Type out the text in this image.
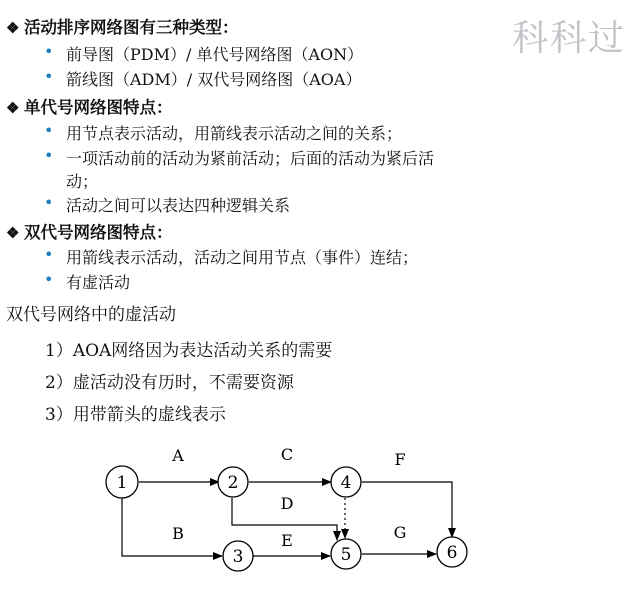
科科过
❖ 活动排序网络图有三种类型：
• 前导图（PDM）/ 单代号网络图（AON）
• 箭线图（ADM）/ 双代号网络图（AOA）
❖ 单代号网络图特点：
• 用节点表示活动，用箭线表示活动之间的关系；
• 一项活动前的活动为紧前活动；后面的活动为紧后活
动；
• 活动之间可以表达四种逻辑关系
❖ 双代号网络图特点：
• 用箭线表示活动，活动之间用节点（事件）连结；
• 有虚活动
双代号网络中的虚活动
1）AOA网络因为表达活动关系的需要
2）虚活动没有历时，不需要资源
3）用带箭头的虚线表示
1	2
3
4
5	6
A
B
C
D
E
F
G
